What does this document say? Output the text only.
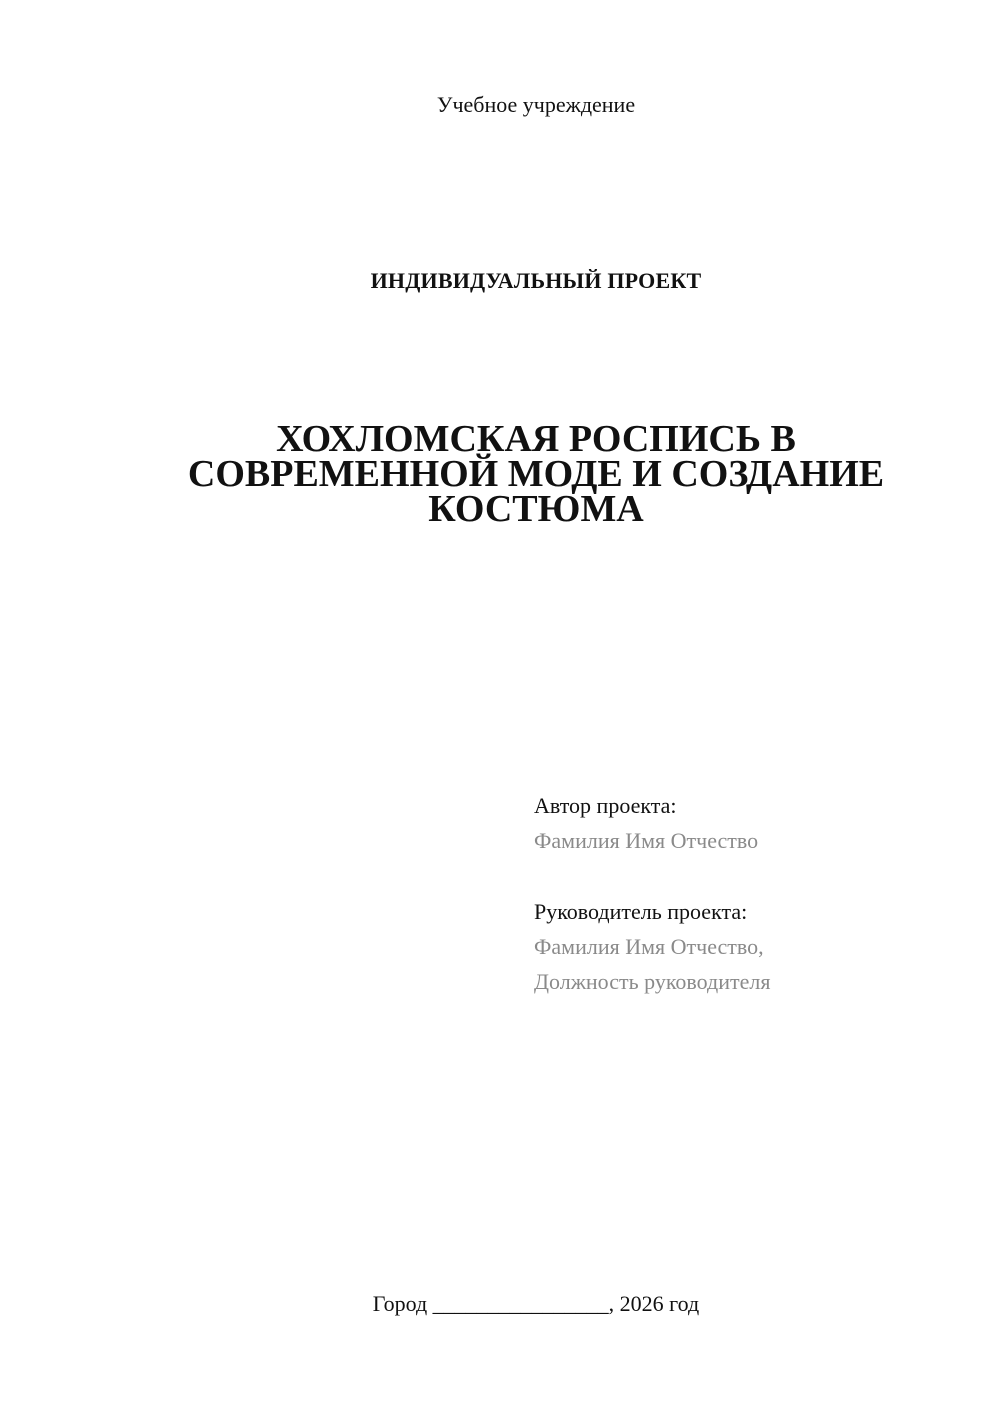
Учебное учреждение
ИНДИВИДУАЛЬНЫЙ ПРОЕКТ
ХОХЛОМСКАЯ РОСПИСЬ В
СОВРЕМЕННОЙ МОДЕ И СОЗДАНИЕ
КОСТЮМА
Автор проекта:
Фамилия Имя Отчество
Руководитель проекта:
Фамилия Имя Отчество,
Должность руководителя
Город ________________, 2026 год
